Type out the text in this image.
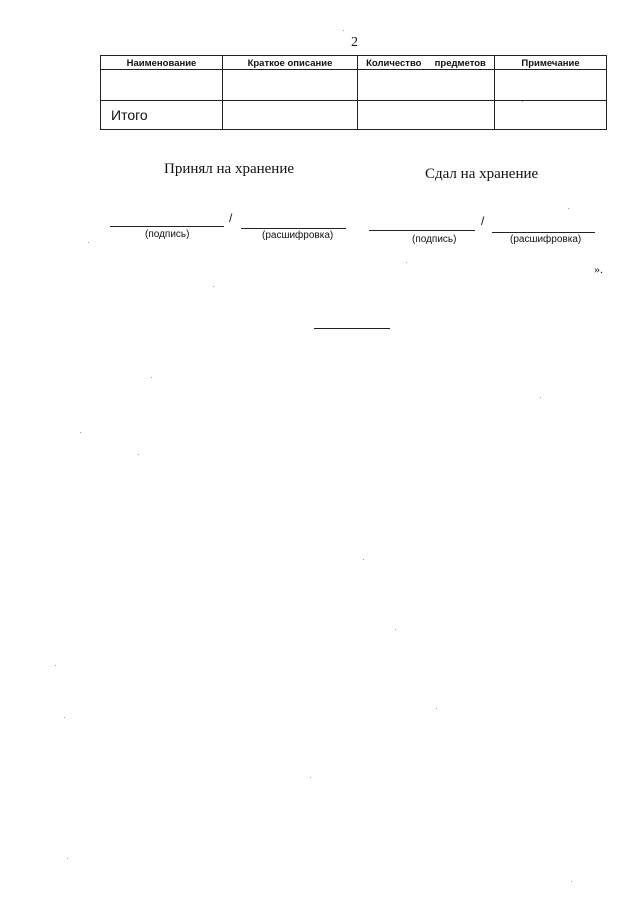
2
Наименование	Краткое описание	Количество     предметов	Примечание

Итого			
Принял на хранение
/
(подпись)	(расшифровка)
Сдал на хранение
/
(подпись)	(расшифровка)
».
